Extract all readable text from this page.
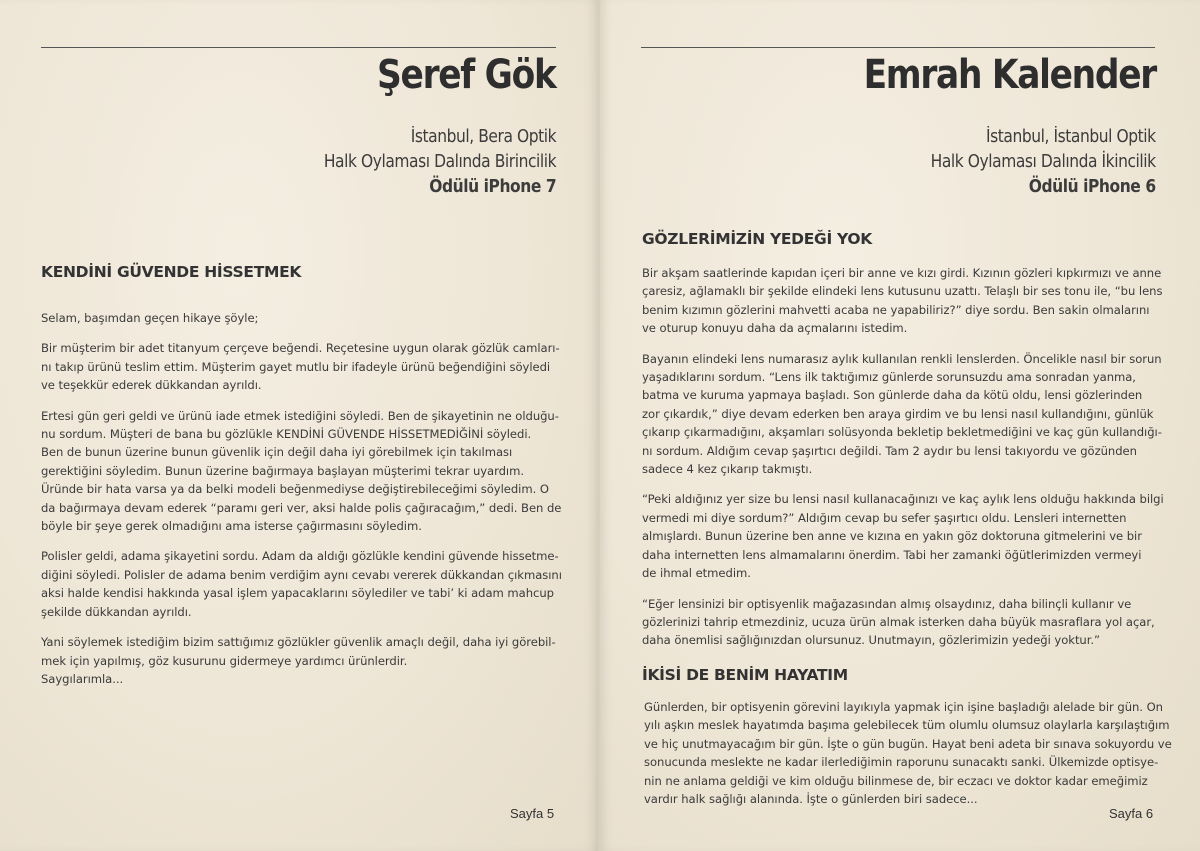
Şeref Gök
İstanbul, Bera Optik
Halk Oylaması Dalında Birincilik
Ödülü iPhone 7
KENDİNİ GÜVENDE HİSSETMEK

Selam, başımdan geçen hikaye şöyle;

Bir müşterim bir adet titanyum çerçeve beğendi. Reçetesine uygun olarak gözlük camları-
nı takıp ürünü teslim ettim. Müşterim gayet mutlu bir ifadeyle ürünü beğendiğini söyledi
ve teşekkür ederek dükkandan ayrıldı.

Ertesi gün geri geldi ve ürünü iade etmek istediğini söyledi. Ben de şikayetinin ne olduğu-
nu sordum. Müşteri de bana bu gözlükle KENDİNİ GÜVENDE HİSSETMEDİĞİNİ söyledi.
Ben de bunun üzerine bunun güvenlik için değil daha iyi görebilmek için takılması
gerektiğini söyledim. Bunun üzerine bağırmaya başlayan müşterimi tekrar uyardım.
Üründe bir hata varsa ya da belki modeli beğenmediyse değiştirebileceğimi söyledim. O
da bağırmaya devam ederek “paramı geri ver, aksi halde polis çağıracağım,” dedi. Ben de
böyle bir şeye gerek olmadığını ama isterse çağırmasını söyledim.

Polisler geldi, adama şikayetini sordu. Adam da aldığı gözlükle kendini güvende hissetme-
diğini söyledi. Polisler de adama benim verdiğim aynı cevabı vererek dükkandan çıkmasını
aksi halde kendisi hakkında yasal işlem yapacaklarını söylediler ve tabi’ ki adam mahcup
şekilde dükkandan ayrıldı.

Yani söylemek istediğim bizim sattığımız gözlükler güvenlik amaçlı değil, daha iyi görebil-
mek için yapılmış, göz kusurunu gidermeye yardımcı ürünlerdir.
Saygılarımla...

Sayfa 5
Emrah Kalender
İstanbul, İstanbul Optik
Halk Oylaması Dalında İkincilik
Ödülü iPhone 6
GÖZLERİMİZİN YEDEĞİ YOK

Bir akşam saatlerinde kapıdan içeri bir anne ve kızı girdi. Kızının gözleri kıpkırmızı ve anne
çaresiz, ağlamaklı bir şekilde elindeki lens kutusunu uzattı. Telaşlı bir ses tonu ile, “bu lens
benim kızımın gözlerini mahvetti acaba ne yapabiliriz?” diye sordu. Ben sakin olmalarını
ve oturup konuyu daha da açmalarını istedim.

Bayanın elindeki lens numarasız aylık kullanılan renkli lenslerden. Öncelikle nasıl bir sorun
yaşadıklarını sordum. “Lens ilk taktığımız günlerde sorunsuzdu ama sonradan yanma,
batma ve kuruma yapmaya başladı. Son günlerde daha da kötü oldu, lensi gözlerinden
zor çıkardık,” diye devam ederken ben araya girdim ve bu lensi nasıl kullandığını, günlük
çıkarıp çıkarmadığını, akşamları solüsyonda bekletip bekletmediğini ve kaç gün kullandığı-
nı sordum. Aldığım cevap şaşırtıcı değildi. Tam 2 aydır bu lensi takıyordu ve gözünden
sadece 4 kez çıkarıp takmıştı.

“Peki aldığınız yer size bu lensi nasıl kullanacağınızı ve kaç aylık lens olduğu hakkında bilgi
vermedi mi diye sordum?” Aldığım cevap bu sefer şaşırtıcı oldu. Lensleri internetten
almışlardı. Bunun üzerine ben anne ve kızına en yakın göz doktoruna gitmelerini ve bir
daha internetten lens almamalarını önerdim. Tabi her zamanki öğütlerimizden vermeyi
de ihmal etmedim.

“Eğer lensinizi bir optisyenlik mağazasından almış olsaydınız, daha bilinçli kullanır ve
gözlerinizi tahrip etmezdiniz, ucuza ürün almak isterken daha büyük masraflara yol açar,
daha önemlisi sağlığınızdan olursunuz. Unutmayın, gözlerimizin yedeği yoktur.”

İKİSİ DE BENİM HAYATIM

Günlerden, bir optisyenin görevini layıkıyla yapmak için işine başladığı alelade bir gün. On
yılı aşkın meslek hayatımda başıma gelebilecek tüm olumlu olumsuz olaylarla karşılaştığım
ve hiç unutmayacağım bir gün. İşte o gün bugün. Hayat beni adeta bir sınava sokuyordu ve
sonucunda meslekte ne kadar ilerlediğimin raporunu sunacaktı sanki. Ülkemizde optisye-
nin ne anlama geldiği ve kim olduğu bilinmese de, bir eczacı ve doktor kadar emeğimiz
vardır halk sağlığı alanında. İşte o günlerden biri sadece...

Sayfa 6
